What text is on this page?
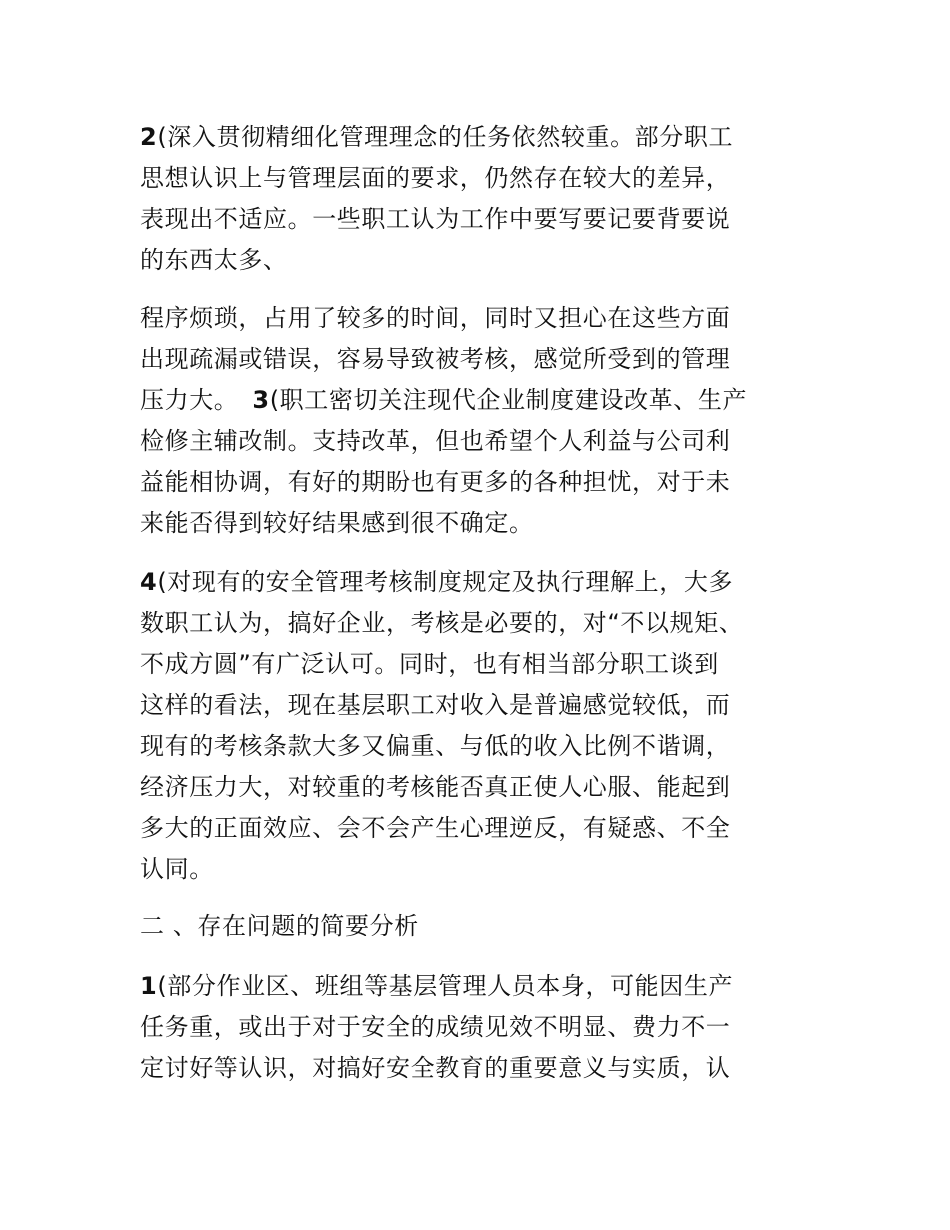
2(深入贯彻精细化管理理念的任务依然较重。部分职工
思想认识上与管理层面的要求，仍然存在较大的差异，
表现出不适应。一些职工认为工作中要写要记要背要说
的东西太多、
程序烦琐，占用了较多的时间，同时又担心在这些方面
出现疏漏或错误，容易导致被考核，感觉所受到的管理
压力大。 3(职工密切关注现代企业制度建设改革、生产
检修主辅改制。支持改革，但也希望个人利益与公司利
益能相协调，有好的期盼也有更多的各种担忧，对于未
来能否得到较好结果感到很不确定。
4(对现有的安全管理考核制度规定及执行理解上，大多
数职工认为，搞好企业，考核是必要的，对“不以规矩、
不成方圆”有广泛认可。同时，也有相当部分职工谈到
这样的看法，现在基层职工对收入是普遍感觉较低，而
现有的考核条款大多又偏重、与低的收入比例不谐调，
经济压力大，对较重的考核能否真正使人心服、能起到
多大的正面效应、会不会产生心理逆反，有疑惑、不全
认同。
二 、存在问题的简要分析
1(部分作业区、班组等基层管理人员本身，可能因生产
任务重，或出于对于安全的成绩见效不明显、费力不一
定讨好等认识，对搞好安全教育的重要意义与实质，认
